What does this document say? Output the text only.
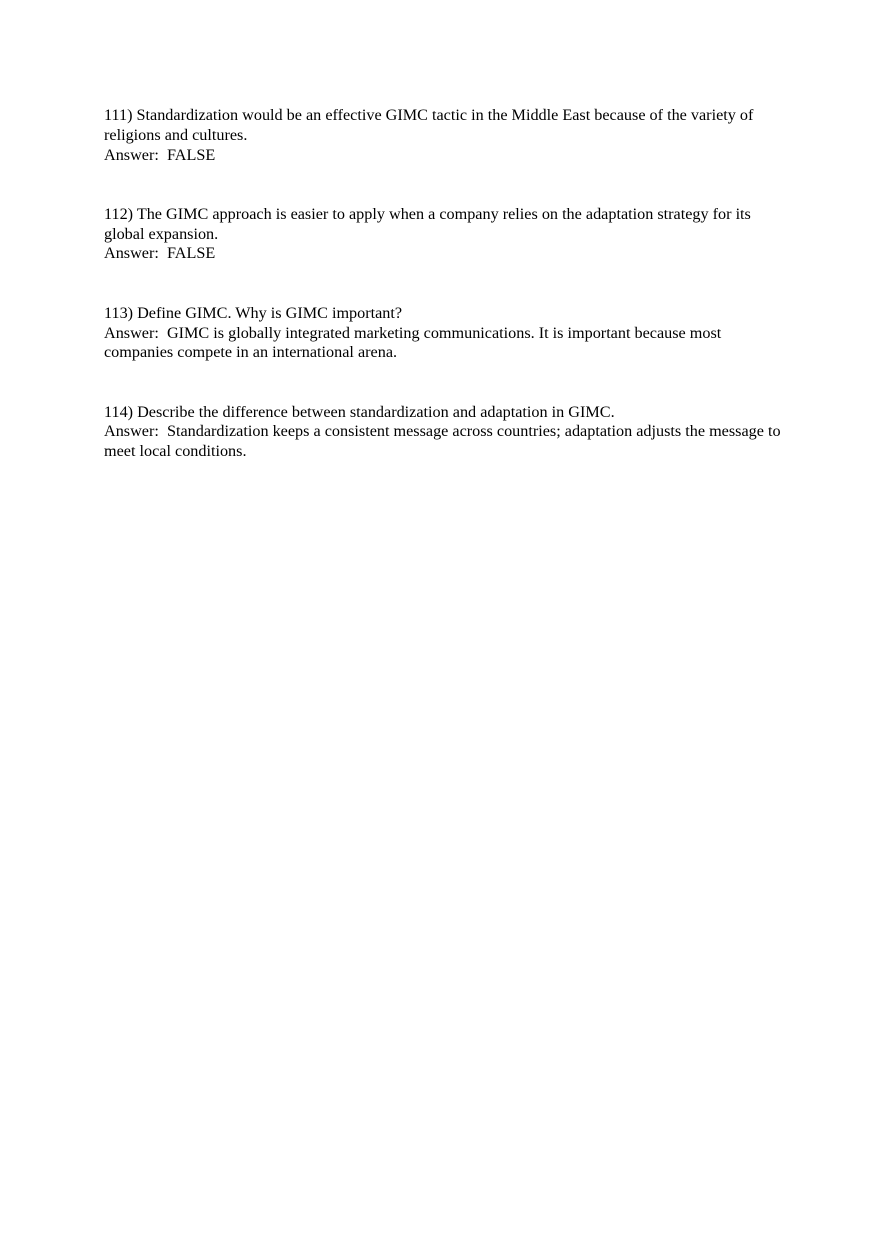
111) Standardization would be an effective GIMC tactic in the Middle East because of the variety of religions and cultures.

Answer: FALSE

112) The GIMC approach is easier to apply when a company relies on the adaptation strategy for its global expansion.

Answer: FALSE

113) Define GIMC. Why is GIMC important?

Answer: GIMC is globally integrated marketing communications. It is important because most companies compete in an international arena.

114) Describe the difference between standardization and adaptation in GIMC.

Answer: Standardization keeps a consistent message across countries; adaptation adjusts the message to meet local conditions.
